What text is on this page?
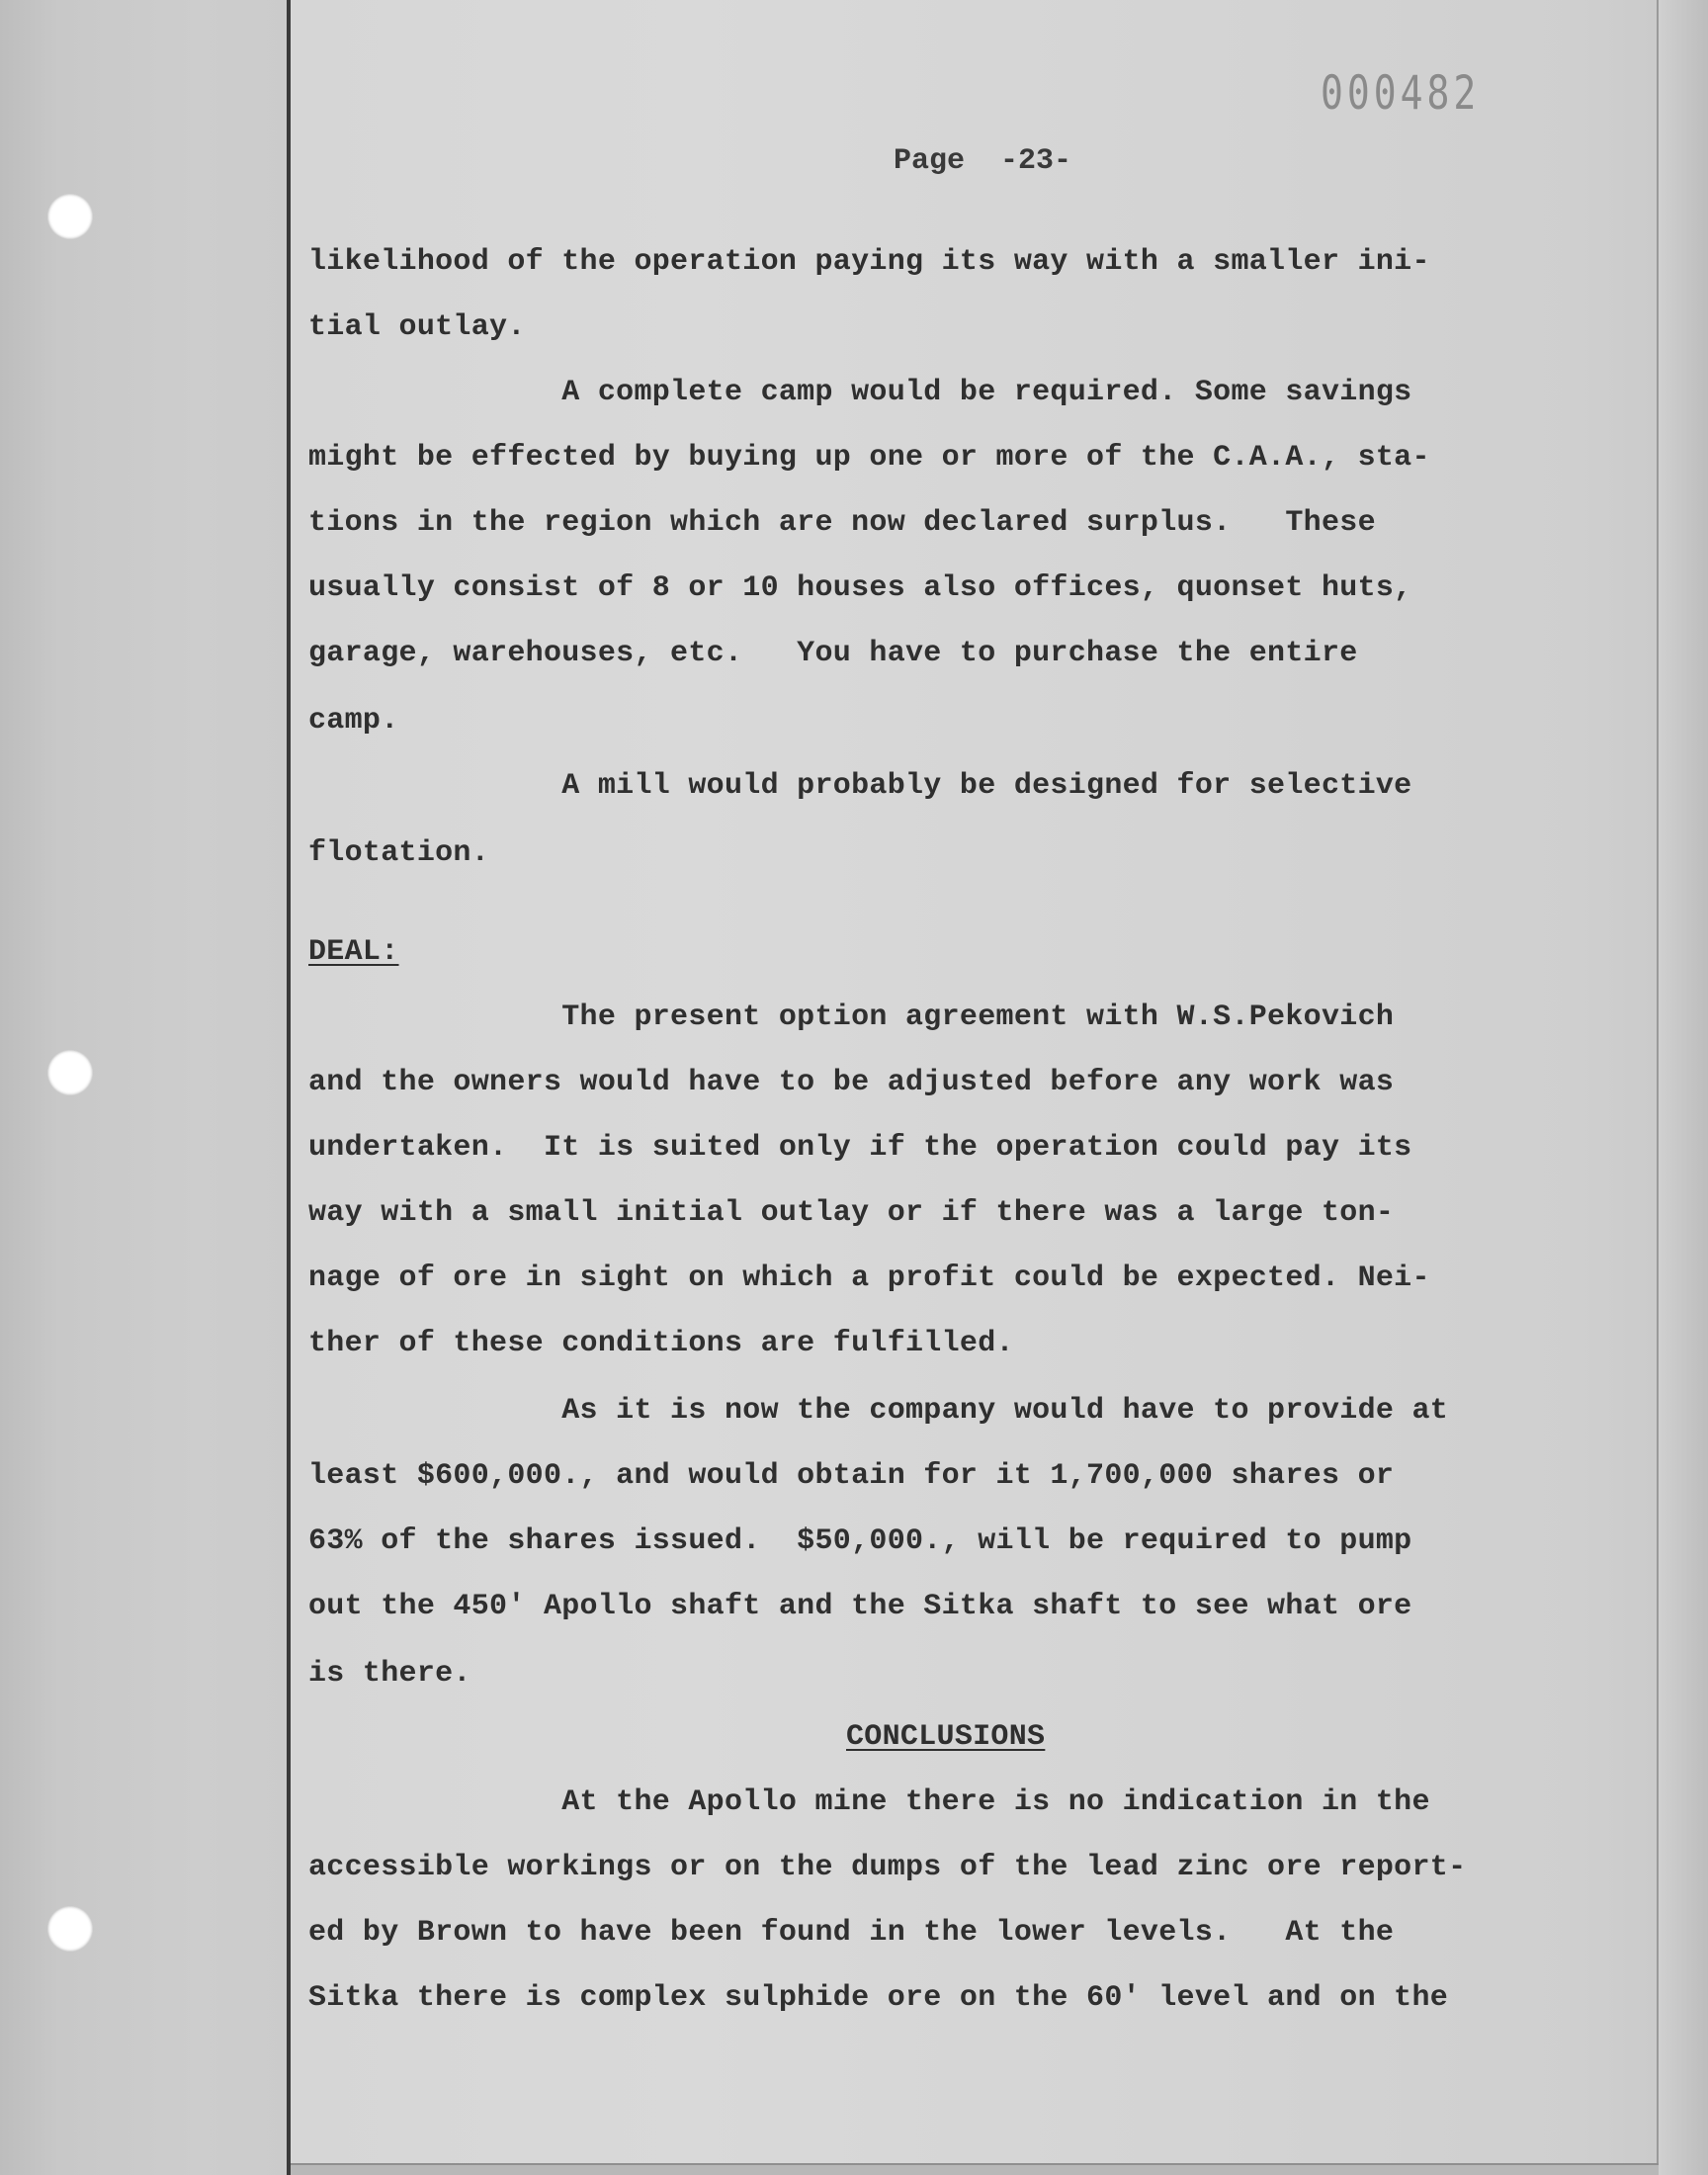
000482
Page  -23-
likelihood of the operation paying its way with a smaller ini-
tial outlay.
A complete camp would be required. Some savings
might be effected by buying up one or more of the C.A.A., sta-
tions in the region which are now declared surplus.   These
usually consist of 8 or 10 houses also offices, quonset huts,
garage, warehouses, etc.   You have to purchase the entire
camp.
A mill would probably be designed for selective
flotation.
DEAL:
The present option agreement with W.S.Pekovich
and the owners would have to be adjusted before any work was
undertaken.  It is suited only if the operation could pay its
way with a small initial outlay or if there was a large ton-
nage of ore in sight on which a profit could be expected. Nei-
ther of these conditions are fulfilled.
As it is now the company would have to provide at
least $600,000., and would obtain for it 1,700,000 shares or
63% of the shares issued.  $50,000., will be required to pump
out the 450' Apollo shaft and the Sitka shaft to see what ore
is there.
CONCLUSIONS
At the Apollo mine there is no indication in the
accessible workings or on the dumps of the lead zinc ore report-
ed by Brown to have been found in the lower levels.   At the
Sitka there is complex sulphide ore on the 60' level and on the
